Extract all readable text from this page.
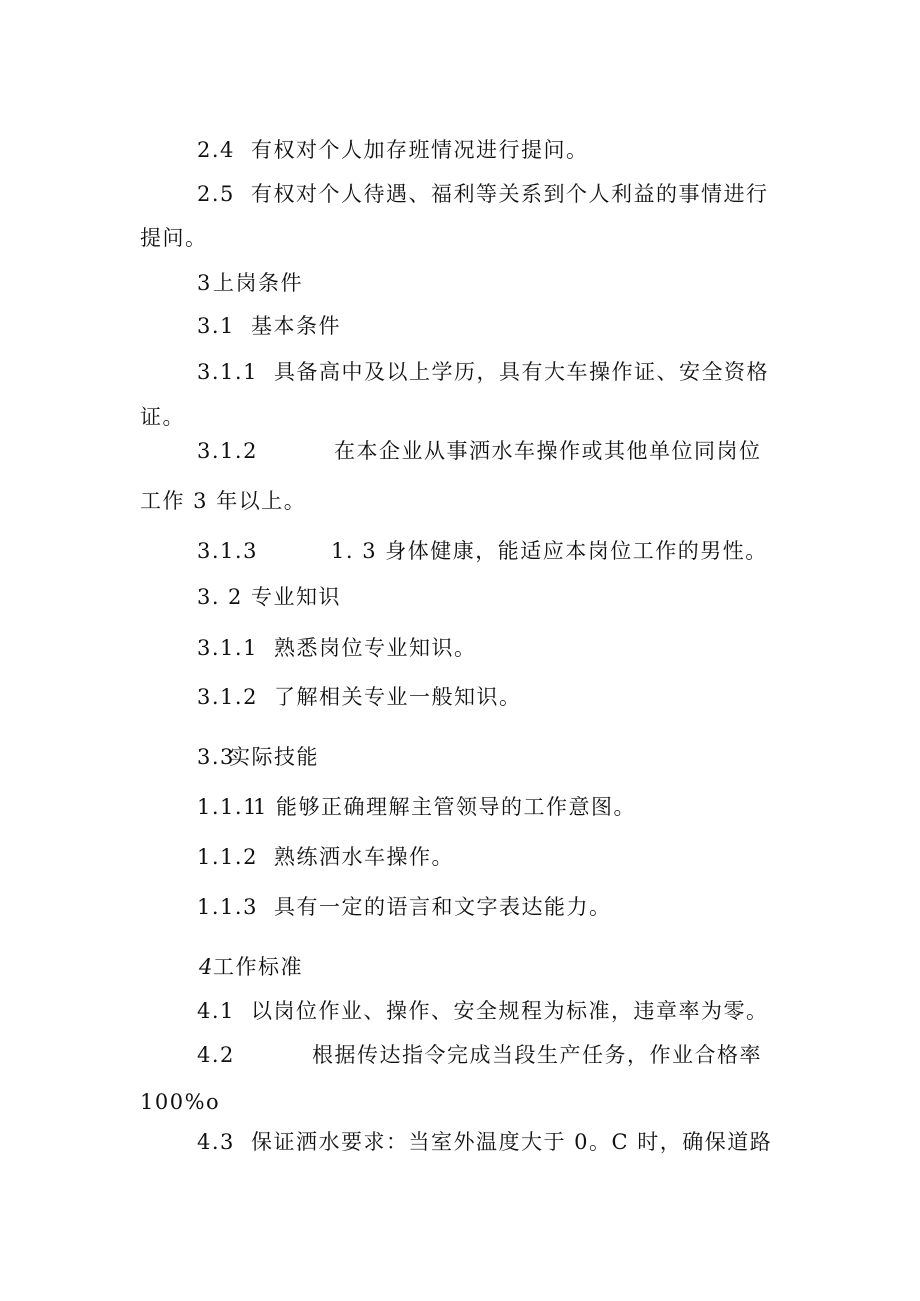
2.4 有权对个人加存班情况进行提问。
2.5 有权对个人待遇、福利等关系到个人利益的事情进行
提问。
3 上岗条件
3.1 基本条件
3.1.1 具备高中及以上学历，具有大车操作证、安全资格
证。
3.1.2	在本企业从事洒水车操作或其他单位同岗位
工作 3 年以上。
3.1.3	1. 3 身体健康，能适应本岗位工作的男性。
3. 2 专业知识
3.1.1 熟悉岗位专业知识。
3.1.2 了解相关专业一般知识。
3.3
实际技能
1.1.1
1 能够正确理解主管领导的工作意图。
1.1.2 熟练洒水车操作。
1.1.3 具有一定的语言和文字表达能力。
4 工作标准
4.1 以岗位作业、操作、安全规程为标准，违章率为零。
4.2	根据传达指令完成当段生产任务，作业合格率
100%o
4.3 保证洒水要求：当室外温度大于 0。C 时，确保道路
